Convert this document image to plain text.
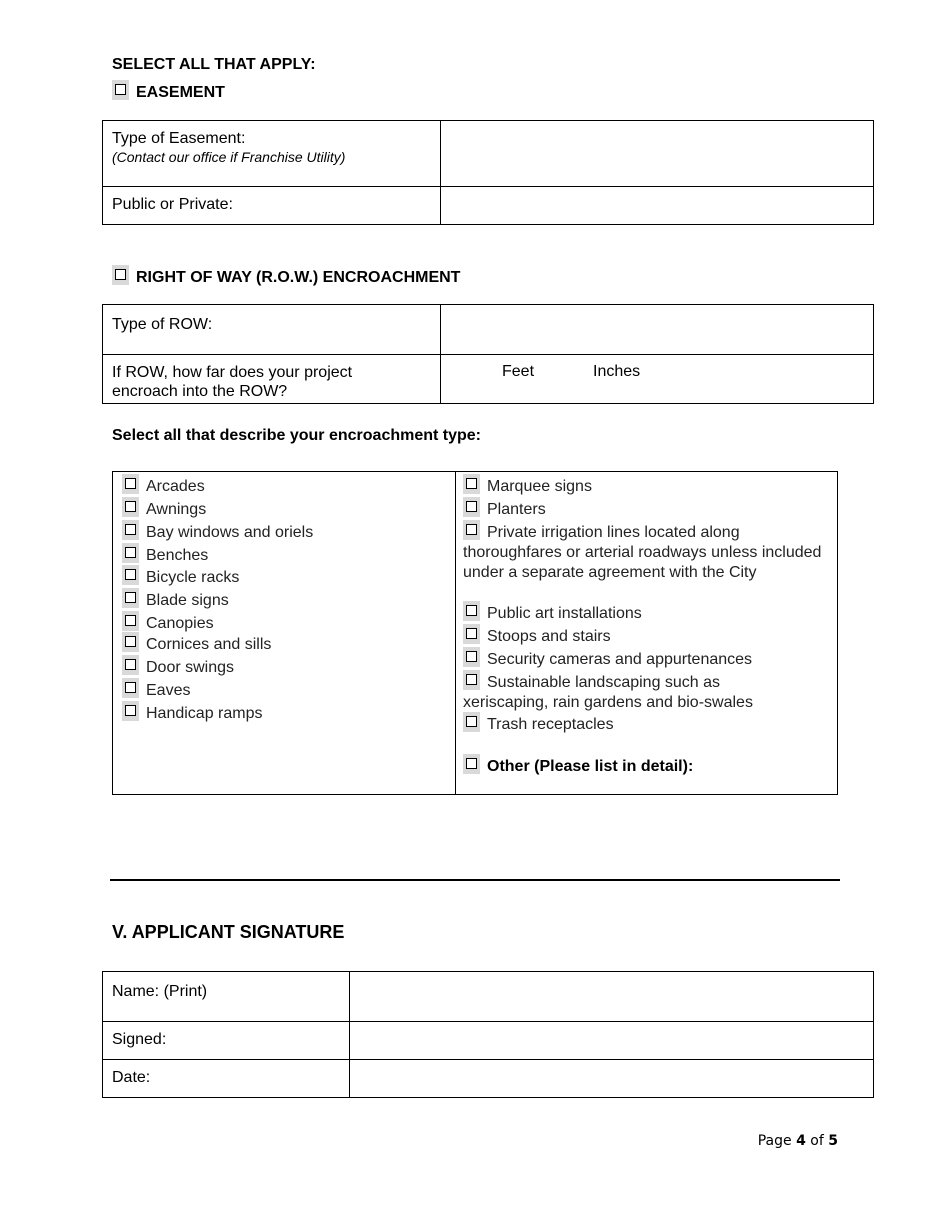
SELECT ALL THAT APPLY:
EASEMENT
Type of Easement:
(Contact our office if Franchise Utility)	

Public or Private:	

RIGHT OF WAY (R.O.W.) ENCROACHMENT
Type of ROW:	

If ROW, how far does your project encroach into the ROW?	Feet Inches
Select all that describe your encroachment type:
Arcades
Awnings
Bay windows and oriels
Benches
Bicycle racks
Blade signs
Canopies
Cornices and sills
Door swings
Eaves
Handicap ramps
Marquee signs
Planters
Private irrigation lines located along thoroughfares or arterial roadways unless included under a separate agreement with the City
Public art installations
Stoops and stairs
Security cameras and appurtenances
Sustainable landscaping such as xeriscaping, rain gardens and bio-swales
Trash receptacles
Other (Please list in detail):
V. APPLICANT SIGNATURE
Name: (Print)	

Signed:	

Date:	

Page 4 of 5
